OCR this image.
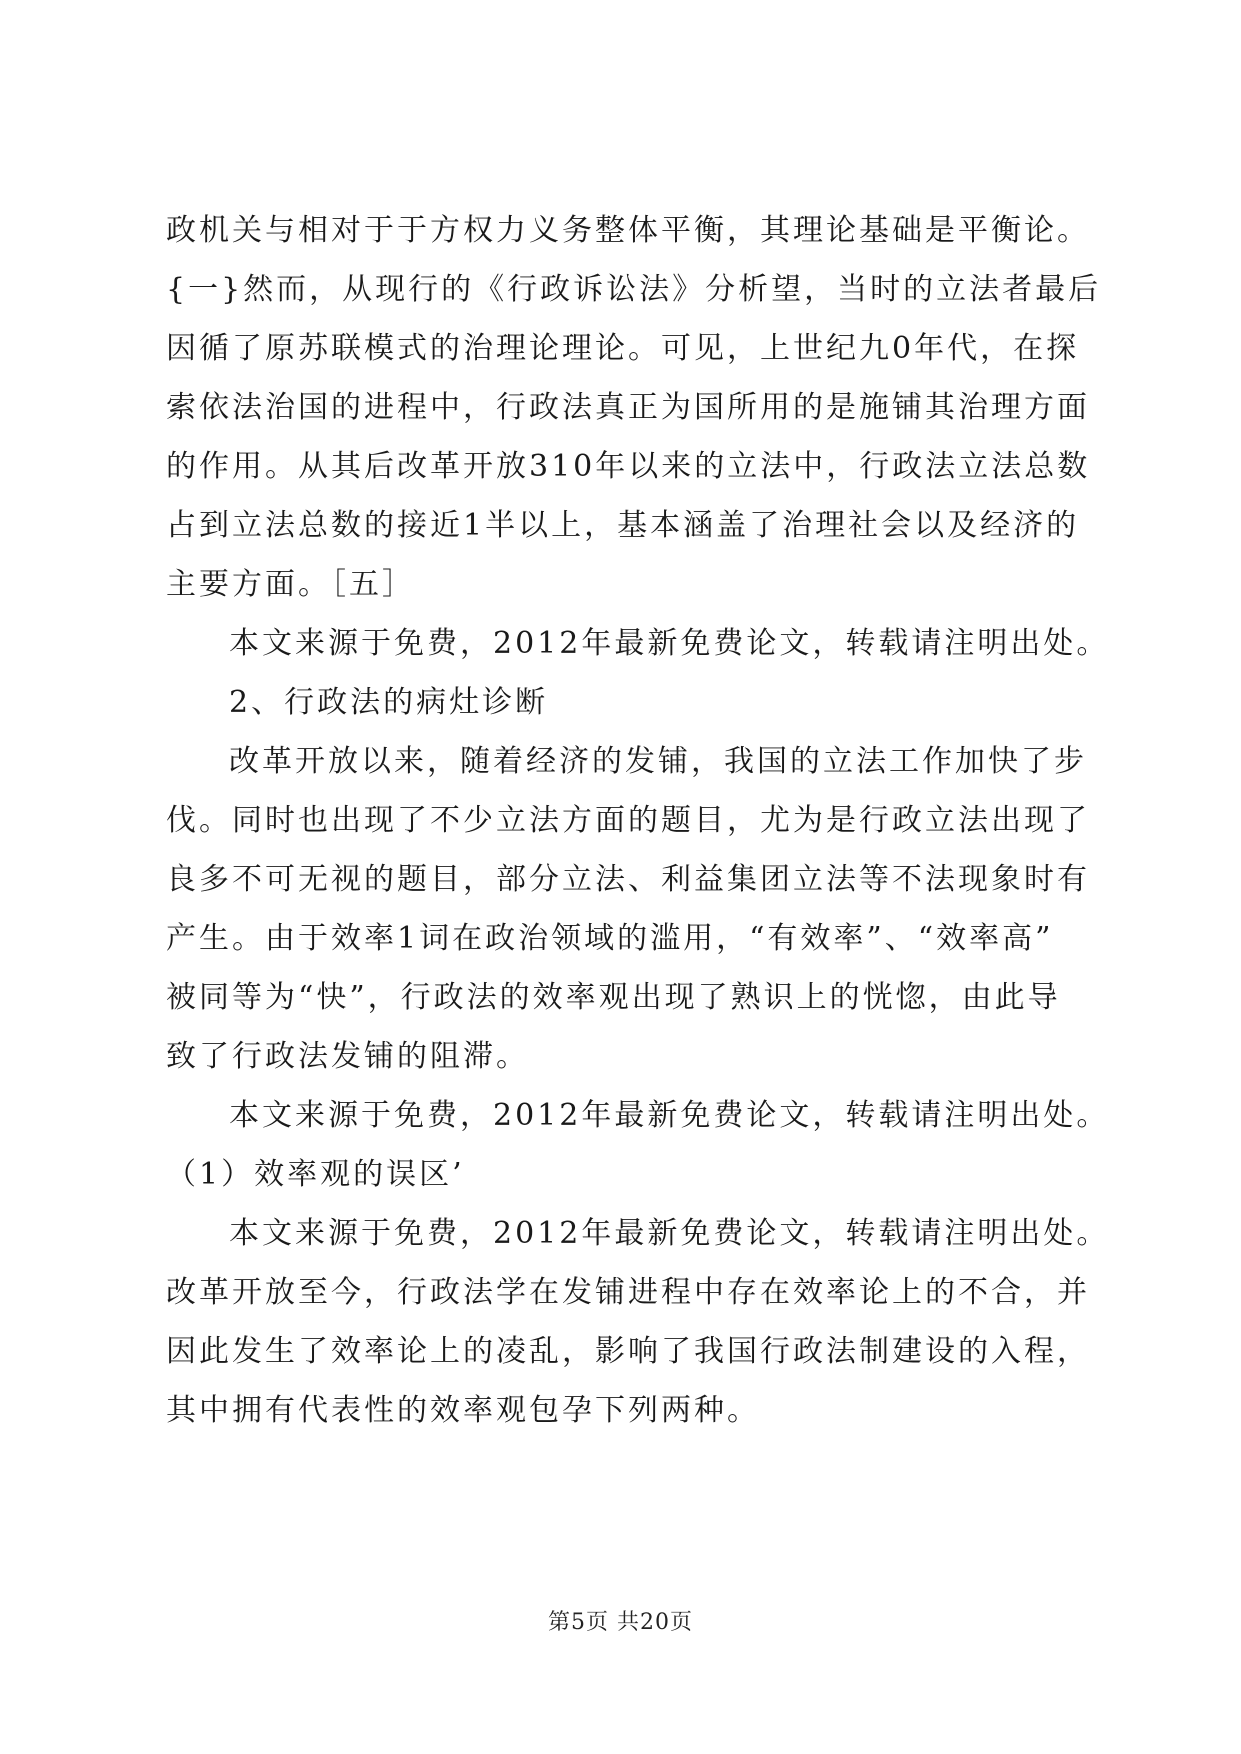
政机关与相对于于方权力义务整体平衡，其理论基础是平衡论。
{一}然而，从现行的《行政诉讼法》分析望，当时的立法者最后
因循了原苏联模式的治理论理论。可见，上世纪九0年代，在探
索依法治国的进程中，行政法真正为国所用的是施铺其治理方面
的作用。从其后改革开放310年以来的立法中，行政法立法总数
占到立法总数的接近1半以上，基本涵盖了治理社会以及经济的
主要方面。［五］
本文来源于免费，2012年最新免费论文，转载请注明出处。
2、行政法的病灶诊断
改革开放以来，随着经济的发铺，我国的立法工作加快了步
伐。同时也出现了不少立法方面的题目，尤为是行政立法出现了
良多不可无视的题目，部分立法、利益集团立法等不法现象时有
产生。由于效率1词在政治领域的滥用，“有效率”、“效率高”
被同等为“快”，行政法的效率观出现了熟识上的恍惚，由此导
致了行政法发铺的阻滞。
本文来源于免费，2012年最新免费论文，转载请注明出处。
（1）效率观的误区’
本文来源于免费，2012年最新免费论文，转载请注明出处。
改革开放至今，行政法学在发铺进程中存在效率论上的不合，并
因此发生了效率论上的凌乱，影响了我国行政法制建设的入程，
其中拥有代表性的效率观包孕下列两种。
第5页 共20页
